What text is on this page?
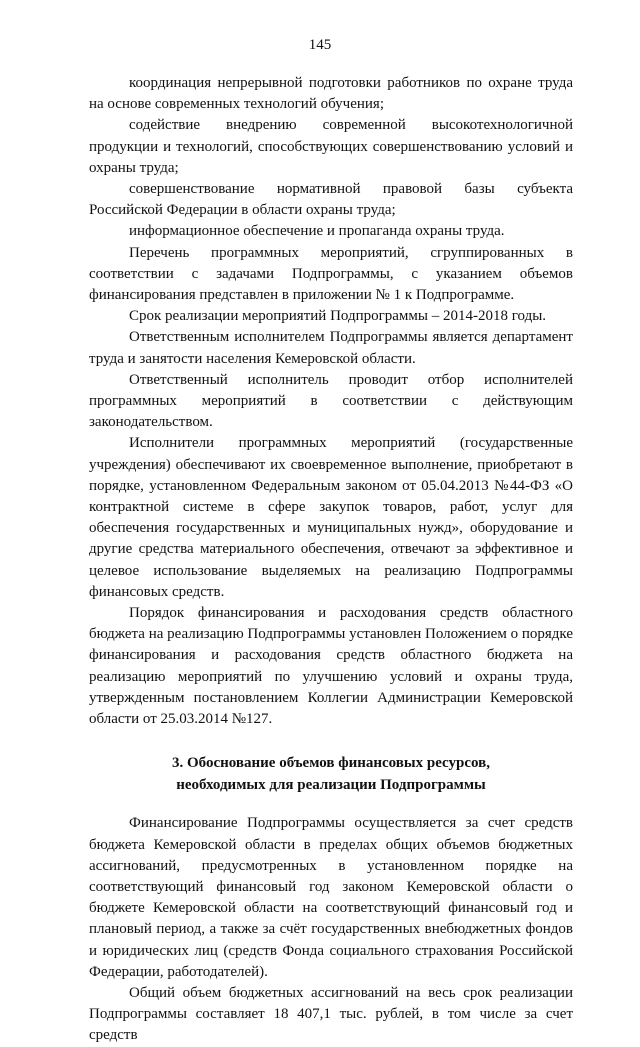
145

координация непрерывной подготовки работников по охране труда на основе современных технологий обучения;

содействие внедрению современной высокотехнологичной продукции и технологий, способствующих совершенствованию условий и охраны труда;

совершенствование нормативной правовой базы субъекта Российской Федерации в области охраны труда;

информационное обеспечение и пропаганда охраны труда.

Перечень программных мероприятий, сгруппированных в соответствии с задачами Подпрограммы, с указанием объемов финансирования представлен в приложении № 1 к Подпрограмме.

Срок реализации мероприятий Подпрограммы – 2014-2018 годы.

Ответственным исполнителем Подпрограммы является департамент труда и занятости населения Кемеровской области.

Ответственный исполнитель проводит отбор исполнителей программных мероприятий в соответствии с действующим законодательством.

Исполнители программных мероприятий (государственные учреждения) обеспечивают их своевременное выполнение, приобретают в порядке, установленном Федеральным законом от 05.04.2013 №44-ФЗ «О контрактной системе в сфере закупок товаров, работ, услуг для обеспечения государственных и муниципальных нужд», оборудование и другие средства материального обеспечения, отвечают за эффективное и целевое использование выделяемых на реализацию Подпрограммы финансовых средств.

Порядок финансирования и расходования средств областного бюджета на реализацию Подпрограммы установлен Положением о порядке финансирования и расходования средств областного бюджета на реализацию мероприятий по улучшению условий и охраны труда, утвержденным постановлением Коллегии Администрации Кемеровской области от 25.03.2014 №127.

3. Обоснование объемов финансовых ресурсов,

необходимых для реализации Подпрограммы

Финансирование Подпрограммы осуществляется за счет средств бюджета Кемеровской области в пределах общих объемов бюджетных ассигнований, предусмотренных в установленном порядке на соответствующий финансовый год законом Кемеровской области о бюджете Кемеровской области на соответствующий финансовый год и плановый период, а также за счёт государственных внебюджетных фондов и юридических лиц (средств Фонда социального страхования Российской Федерации, работодателей).

Общий объем бюджетных ассигнований на весь срок реализации Подпрограммы составляет 18 407,1 тыс. рублей, в том числе за счет средств
